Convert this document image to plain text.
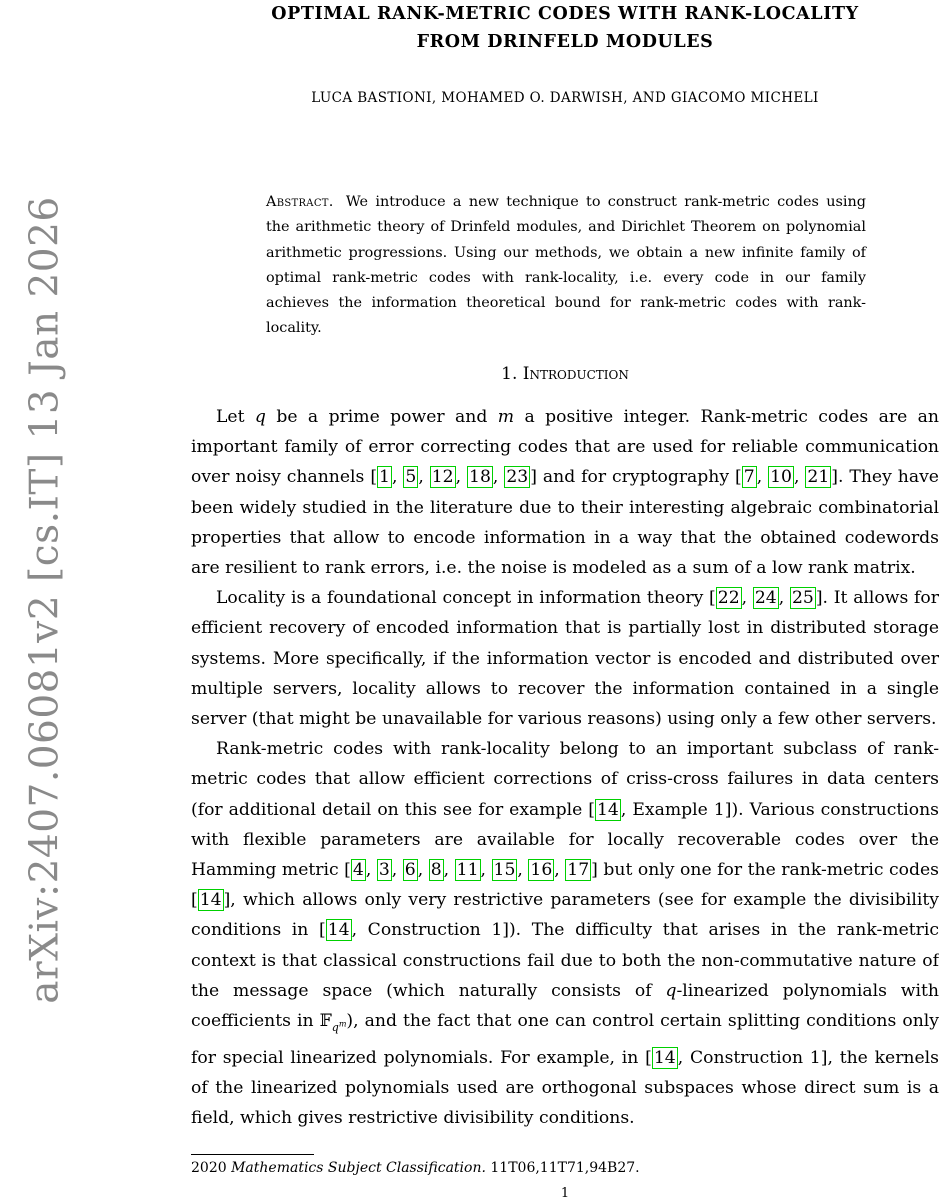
arXiv:2407.06081v2 [cs.IT] 13 Jan 2026
OPTIMAL RANK-METRIC CODES WITH RANK-LOCALITY
FROM DRINFELD MODULES
LUCA BASTIONI, MOHAMED O. DARWISH, AND GIACOMO MICHELI
Abstract. We introduce a new technique to construct rank-metric codes using the arithmetic theory of Drinfeld modules, and Dirichlet Theorem on polynomial arithmetic progressions. Using our methods, we obtain a new infinite family of optimal rank-metric codes with rank-locality, i.e. every code in our family achieves the information theoretical bound for rank-metric codes with rank-locality.
1. Introduction

Let q be a prime power and m a positive integer. Rank-metric codes are an important family of error correcting codes that are used for reliable communication over noisy channels [ 1 , 5 , 12 , 18 , 23 ] and for cryptography [ 7 , 10 , 21 ]. They have been widely studied in the literature due to their interesting algebraic combinatorial properties that allow to encode information in a way that the obtained codewords are resilient to rank errors, i.e. the noise is modeled as a sum of a low rank matrix.

Locality is a foundational concept in information theory [ 22 , 24 , 25 ]. It allows for efficient recovery of encoded information that is partially lost in distributed storage systems. More specifically, if the information vector is encoded and distributed over multiple servers, locality allows to recover the information contained in a single server (that might be unavailable for various reasons) using only a few other servers.

Rank-metric codes with rank-locality belong to an important subclass of rank-metric codes that allow efficient corrections of criss-cross failures in data centers (for additional detail on this see for example [ 14 , Example 1]). Various constructions with flexible parameters are available for locally recoverable codes over the Hamming metric [ 4 , 3 , 6 , 8 , 11 , 15 , 16 , 17 ] but only one for the rank-metric codes [ 14 ], which allows only very restrictive parameters (see for example the divisibility conditions in [ 14 , Construction 1]). The difficulty that arises in the rank-metric context is that classical constructions fail due to both the non-commutative nature of the message space (which naturally consists of q-linearized polynomials with coefficients in 𝔽$_{q^m}$), and the fact that one can control certain splitting conditions only for special linearized polynomials. For example, in [ 14 , Construction 1], the kernels of the linearized polynomials used are orthogonal subspaces whose direct sum is a field, which gives restrictive divisibility conditions.

2020 Mathematics Subject Classification. 11T06,11T71,94B27.
1
